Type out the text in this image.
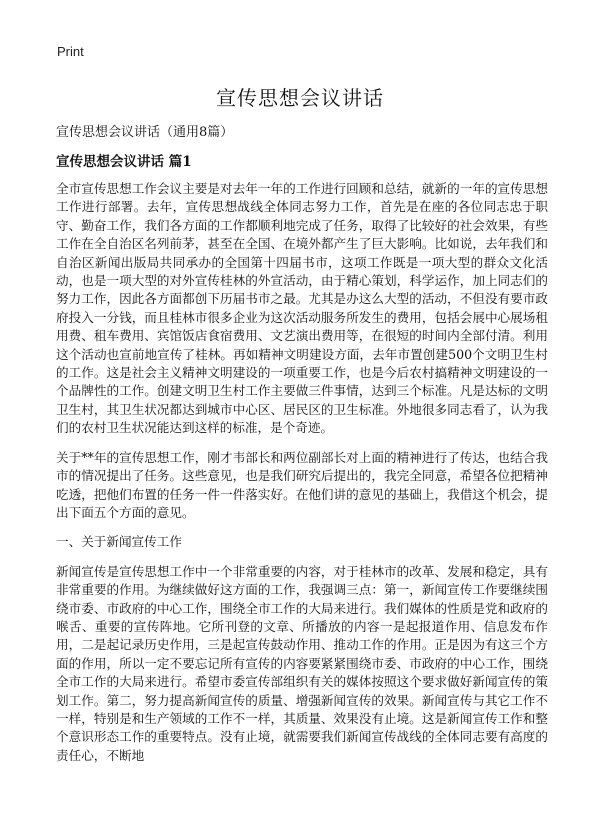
Print
宣传思想会议讲话
宣传思想会议讲话（通用8篇）
宣传思想会议讲话 篇1

全市宣传思想工作会议主要是对去年一年的工作进行回顾和总结，就新的一年的宣传思想工作进行部署。去年，宣传思想战线全体同志努力工作，首先是在座的各位同志忠于职守、勤奋工作，我们各方面的工作都顺利地完成了任务，取得了比较好的社会效果，有些工作在全自治区名列前茅，甚至在全国、在境外都产生了巨大影响。比如说，去年我们和自治区新闻出版局共同承办的全国第十四届书市，这项工作既是一项大型的群众文化活动，也是一项大型的对外宣传桂林的外宣活动，由于精心策划，科学运作，加上同志们的努力工作，因此各方面都创下历届书市之最。尤其是办这么大型的活动，不但没有要市政府投入一分钱，而且桂林市很多企业为这次活动服务所发生的费用，包括会展中心展场租用费、租车费用、宾馆饭店食宿费用、文艺演出费用等，在很短的时间内全部付清。利用这个活动也宣前地宣传了桂林。再如精神文明建设方面，去年市置创建500个文明卫生村的工作。这是社会主义精神文明建设的一项重要工作，也是今后农村搞精神文明建设的一个品牌性的工作。创建文明卫生村工作主要做三件事情，达到三个标准。凡是达标的文明卫生村，其卫生状况都达到城市中心区、居民区的卫生标准。外地很多同志看了，认为我们的农村卫生状况能达到这样的标准，是个奇迹。

关于**年的宣传思想工作，刚才韦部长和两位副部长对上面的精神进行了传达，也结合我市的情况提出了任务。这些意见，也是我们研究后提出的，我完全同意，希望各位把精神吃透，把他们布置的任务一件一件落实好。在他们讲的意见的基础上，我借这个机会，提出下面五个方面的意见。

一、关于新闻宣传工作

新闻宣传是宣传思想工作中一个非常重要的内容，对于桂林市的改革、发展和稳定，具有非常重要的作用。为继续做好这方面的工作，我强调三点：第一，新闻宣传工作要继续围绕市委、市政府的中心工作，围绕全市工作的大局来进行。我们媒体的性质是党和政府的喉舌、重要的宣传阵地。它所刊登的文章、所播放的内容一是起报道作用、信息发布作用，二是起记录历史作用，三是起宣传鼓动作用、推动工作的作用。正是因为有这三个方面的作用，所以一定不要忘记所有宣传的内容要紧紧围绕市委、市政府的中心工作，围绕全市工作的大局来进行。希望市委宣传部组织有关的媒体按照这个要求做好新闻宣传的策划工作。第二，努力提高新闻宣传的质量、增强新闻宣传的效果。新闻宣传与其它工作不一样，特别是和生产领域的工作不一样，其质量、效果没有止境。这是新闻宣传工作和整个意识形态工作的重要特点。没有止境，就需要我们新闻宣传战线的全体同志要有高度的责任心，不断地
